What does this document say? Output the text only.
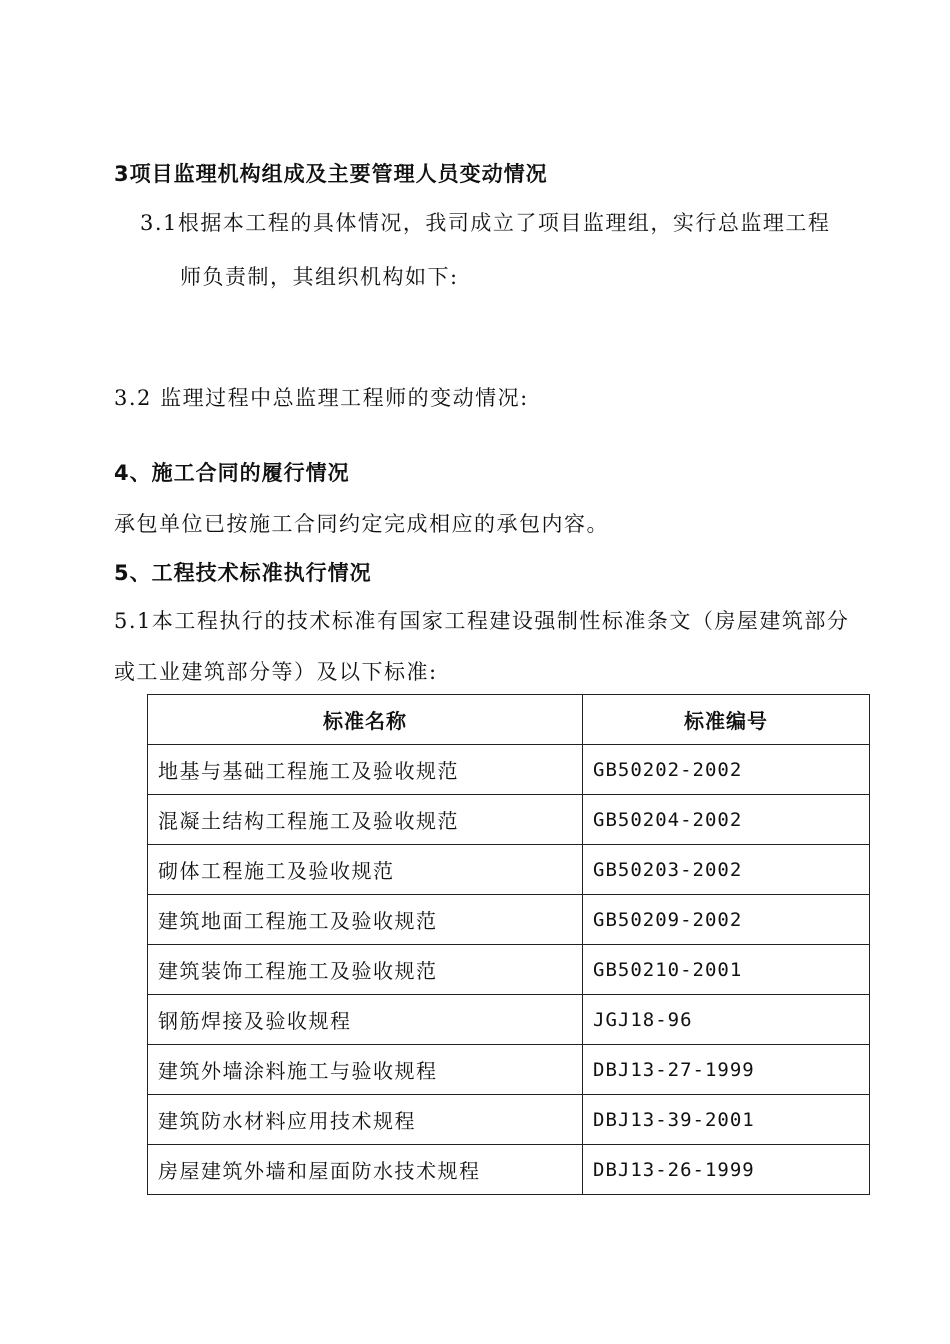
3项目监理机构组成及主要管理人员变动情况
3.1根据本工程的具体情况，我司成立了项目监理组，实行总监理工程
师负责制，其组织机构如下:
3.2 监理过程中总监理工程师的变动情况:
4、施工合同的履行情况
承包单位已按施工合同约定完成相应的承包内容。
5、工程技术标准执行情况
5.1本工程执行的技术标准有国家工程建设强制性标准条文（房屋建筑部分
或工业建筑部分等）及以下标准:
标准名称	标准编号
地基与基础工程施工及验收规范	GB50202-2002
混凝土结构工程施工及验收规范	GB50204-2002
砌体工程施工及验收规范	GB50203-2002
建筑地面工程施工及验收规范	GB50209-2002
建筑装饰工程施工及验收规范	GB50210-2001
钢筋焊接及验收规程	JGJ18-96
建筑外墙涂料施工与验收规程	DBJ13-27-1999
建筑防水材料应用技术规程	DBJ13-39-2001
房屋建筑外墙和屋面防水技术规程	DBJ13-26-1999
